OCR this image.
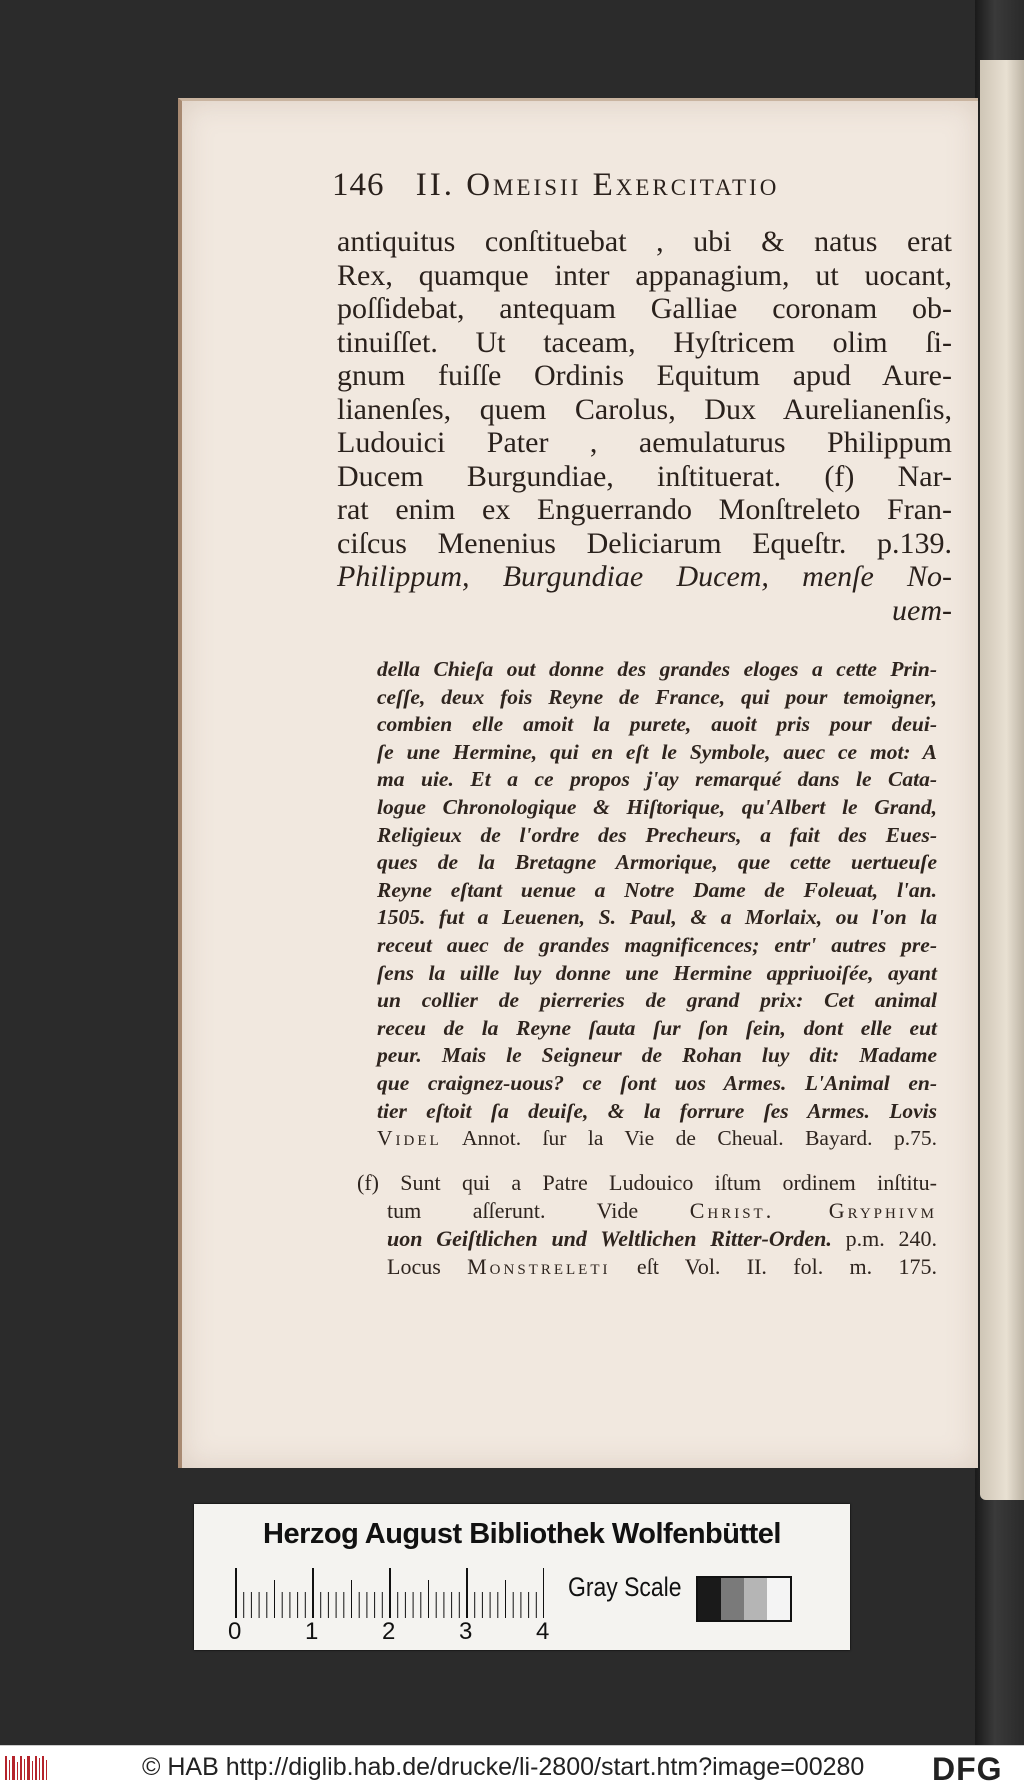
146 II. Omeisii Exercitatio
antiquitus conſtituebat , ubi & natus erat
Rex, quamque inter appanagium, ut uocant,
poſſidebat, antequam Galliae coronam ob-
tinuiſſet. Ut taceam, Hyſtricem olim ſi-
gnum fuiſſe Ordinis Equitum apud Aure-
lianenſes, quem Carolus, Dux Aurelianenſis,
Ludouici Pater , aemulaturus Philippum
Ducem Burgundiae, inſtituerat. (f) Nar-
rat enim ex Enguerrando Monſtreleto Fran-
ciſcus Menenius Deliciarum Equeſtr. p.139.
Philippum, Burgundiae Ducem, menſe No-
uem-
della Chieſa out donne des grandes eloges a cette Prin-
ceſſe, deux fois Reyne de France, qui pour temoigner,
combien elle amoit la purete, auoit pris pour deui-
ſe une Hermine, qui en eſt le Symbole, auec ce mot: A
ma uie. Et a ce propos j'ay remarqué dans le Cata-
logue Chronologique & Hiſtorique, qu'Albert le Grand,
Religieux de l'ordre des Precheurs, a fait des Eues-
ques de la Bretagne Armorique, que cette uertueuſe
Reyne eſtant uenue a Notre Dame de Foleuat, l'an.
1505. fut a Leuenen, S. Paul, & a Morlaix, ou l'on la
receut auec de grandes magnificences; entr' autres pre-
ſens la uille luy donne une Hermine appriuoiſée, ayant
un collier de pierreries de grand prix: Cet animal
receu de la Reyne ſauta ſur ſon ſein, dont elle eut
peur. Mais le Seigneur de Rohan luy dit: Madame
que craignez-uous? ce ſont uos Armes. L'Animal en-
tier eſtoit ſa deuiſe, & la forrure ſes Armes. Lovis
Videl Annot. ſur la Vie de Cheual. Bayard. p.75.
(f) Sunt qui a Patre Ludouico iſtum ordinem inſtitu-
tum aſſerunt. Vide Christ. Gryphivm
uon Geiſtlichen und Weltlichen Ritter-Orden. p.m. 240.
Locus Monstreleti eſt Vol. II. fol. m. 175.
Herzog August Bibliothek Wolfenbüttel
0	1	2	3	4
Gray Scale
© HAB http://diglib.hab.de/drucke/li-2800/start.htm?image=00280 DFG
